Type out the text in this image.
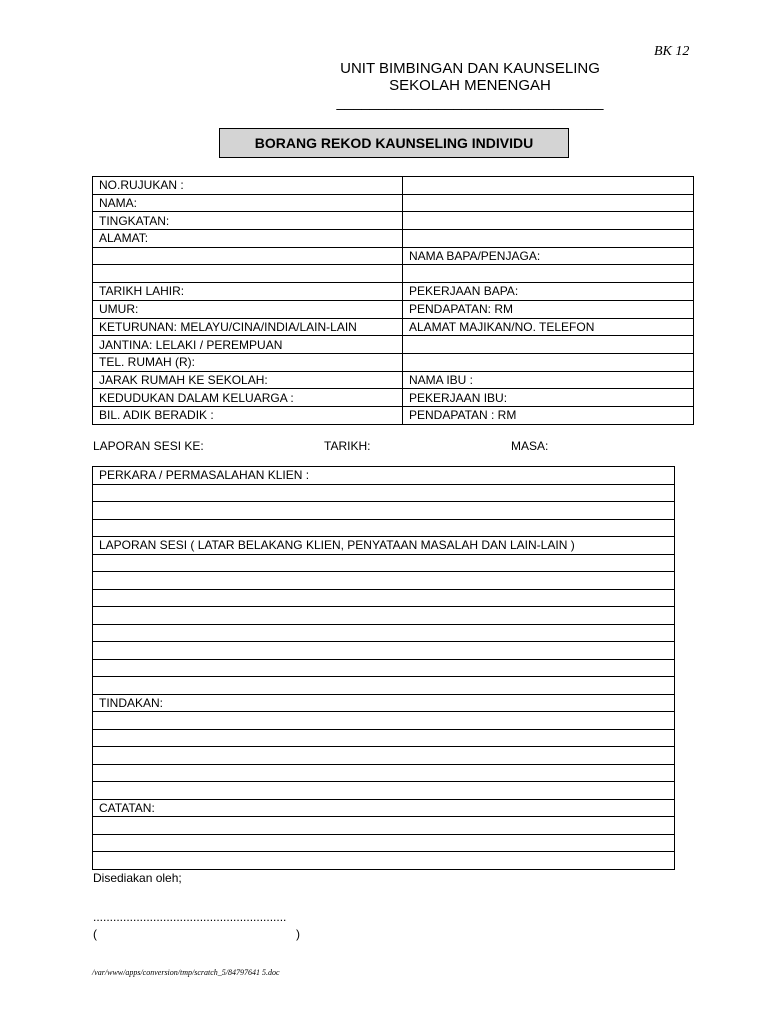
BK 12
UNIT BIMBINGAN DAN KAUNSELING
SEKOLAH MENENGAH
________________________________
BORANG REKOD KAUNSELING INDIVIDU
NO.RUJUKAN :	
NAMA:	
TINGKATAN:	
ALAMAT:	
	NAMA BAPA/PENJAGA:

TARIKH LAHIR:	PEKERJAAN BAPA:
UMUR:	PENDAPATAN: RM
KETURUNAN: MELAYU/CINA/INDIA/LAIN-LAIN	ALAMAT MAJIKAN/NO. TELEFON
JANTINA: LELAKI / PEREMPUAN	
TEL. RUMAH (R):	
JARAK RUMAH KE SEKOLAH:	NAMA IBU :
KEDUDUKAN DALAM KELUARGA :	PEKERJAAN IBU:
BIL. ADIK BERADIK :	PENDAPATAN : RM
LAPORAN SESI KE:	TARIKH:	MASA:
PERKARA / PERMASALAHAN KLIEN :

LAPORAN SESI ( LATAR BELAKANG KLIEN, PENYATAAN MASALAH DAN LAIN-LAIN )

TINDAKAN:

CATATAN:

Disediakan oleh;
..........................................................
(	)
/var/www/apps/conversion/tmp/scratch_5/84797641 5.doc
